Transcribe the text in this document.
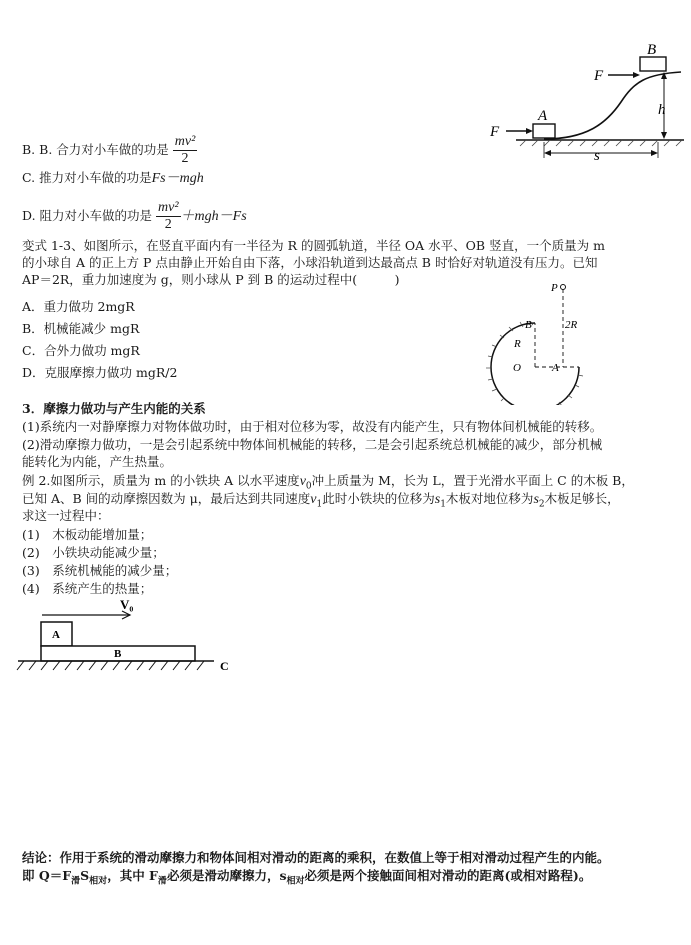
B. B. 合力对小车做的功是 $\frac{\text{mv²}}{2}$
C. 推力对小车做的功是Fs－mgh
D. 阻力对小车做的功是 $\frac{\text{mv²}}{2} +mgh-Fs$
A
F
B
F
h
s
变式 1-3、如图所示，在竖直平面内有一半径为 R 的圆弧轨道，半径 OA 水平、OB 竖直，一个质量为 m
的小球自 A 的正上方 P 点由静止开始自由下落，小球沿轨道到达最高点 B 时恰好对轨道没有压力。已知
AP＝2R，重力加速度为 g，则小球从 P 到 B 的运动过程中(　　　)
A．重力做功 2mgR
B．机械能减少 mgR
C．合外力做功 mgR
D．克服摩擦力做功 mgR/2
P
B	2R
R
O	A
3．摩擦力做功与产生内能的关系
(1)系统内一对静摩擦力对物体做功时，由于相对位移为零，故没有内能产生，只有物体间机械能的转移。
(2)滑动摩擦力做功，一是会引起系统中物体间机械能的转移，二是会引起系统总机械能的减少，部分机械
能转化为内能，产生热量。
例 2.如图所示，质量为 m 的小铁块 A 以水平速度$v_0$冲上质量为 M，长为 L，置于光滑水平面上 C 的木板 B，
已知 A、B 间的动摩擦因数为 μ，最后达到共同速度$v_1$此时小铁块的位移为$s_1$木板对地位移为$s_2$木板足够长，
求这一过程中：
(1)　木板动能增加量；
(2)　小铁块动能减少量；
(3)　系统机械能的减少量；
(4)　系统产生的热量；
V₀
A
B
C
结论：作用于系统的滑动摩擦力和物体间相对滑动的距离的乘积，在数值上等于相对滑动过程产生的内能。
即 $Q=F_滑S_{相对}$，其中 $F_滑$必须是滑动摩擦力，$s_{相对}$必须是两个接触面间相对滑动的距离(或相对路程)。
